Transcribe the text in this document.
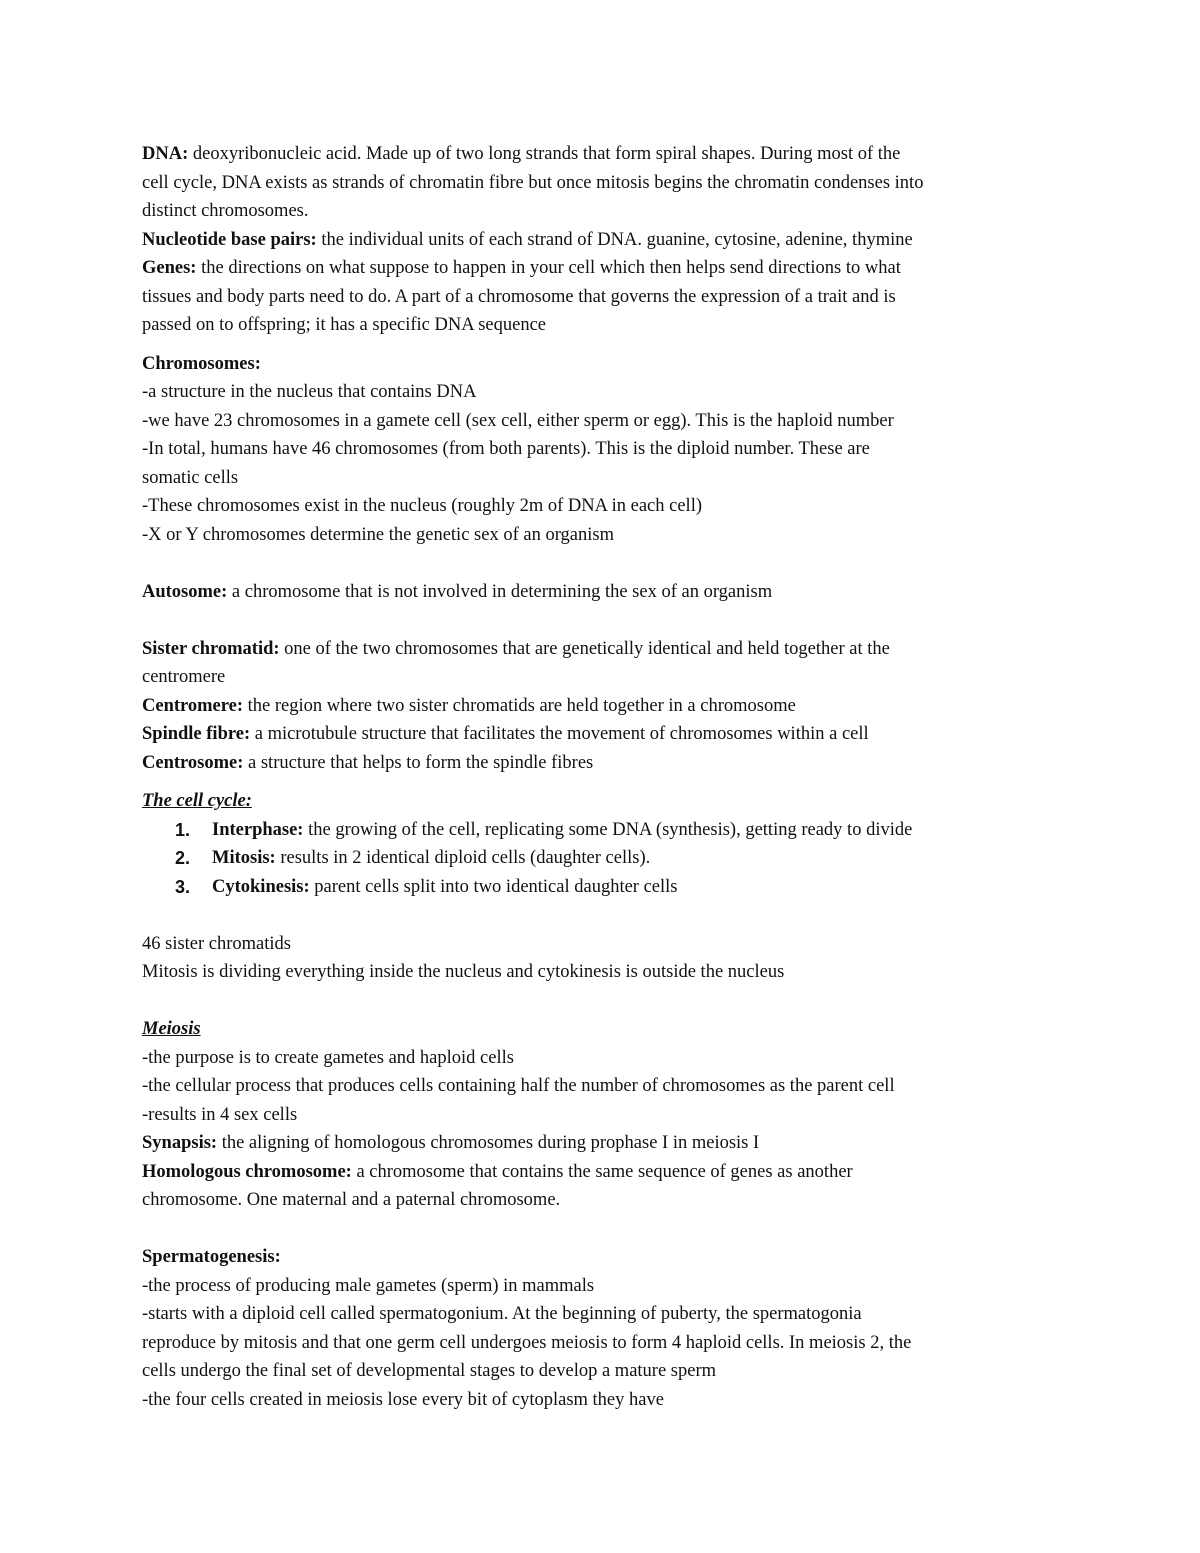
DNA: deoxyribonucleic acid. Made up of two long strands that form spiral shapes. During most of the
cell cycle, DNA exists as strands of chromatin fibre but once mitosis begins the chromatin condenses into
distinct chromosomes.
Nucleotide base pairs: the individual units of each strand of DNA. guanine, cytosine, adenine, thymine
Genes: the directions on what suppose to happen in your cell which then helps send directions to what
tissues and body parts need to do. A part of a chromosome that governs the expression of a trait and is
passed on to offspring; it has a specific DNA sequence
Chromosomes:
-a structure in the nucleus that contains DNA
-we have 23 chromosomes in a gamete cell (sex cell, either sperm or egg). This is the haploid number
-In total, humans have 46 chromosomes (from both parents). This is the diploid number. These are
somatic cells
-These chromosomes exist in the nucleus (roughly 2m of DNA in each cell)
-X or Y chromosomes determine the genetic sex of an organism
Autosome: a chromosome that is not involved in determining the sex of an organism
Sister chromatid: one of the two chromosomes that are genetically identical and held together at the
centromere
Centromere: the region where two sister chromatids are held together in a chromosome
Spindle fibre: a microtubule structure that facilitates the movement of chromosomes within a cell
Centrosome: a structure that helps to form the spindle fibres
The cell cycle:
1. Interphase: the growing of the cell, replicating some DNA (synthesis), getting ready to divide
2. Mitosis: results in 2 identical diploid cells (daughter cells).
3. Cytokinesis: parent cells split into two identical daughter cells
46 sister chromatids
Mitosis is dividing everything inside the nucleus and cytokinesis is outside the nucleus
Meiosis
-the purpose is to create gametes and haploid cells
-the cellular process that produces cells containing half the number of chromosomes as the parent cell
-results in 4 sex cells
Synapsis: the aligning of homologous chromosomes during prophase I in meiosis I
Homologous chromosome: a chromosome that contains the same sequence of genes as another
chromosome. One maternal and a paternal chromosome.
Spermatogenesis:
-the process of producing male gametes (sperm) in mammals
-starts with a diploid cell called spermatogonium. At the beginning of puberty, the spermatogonia
reproduce by mitosis and that one germ cell undergoes meiosis to form 4 haploid cells. In meiosis 2, the
cells undergo the final set of developmental stages to develop a mature sperm
-the four cells created in meiosis lose every bit of cytoplasm they have
